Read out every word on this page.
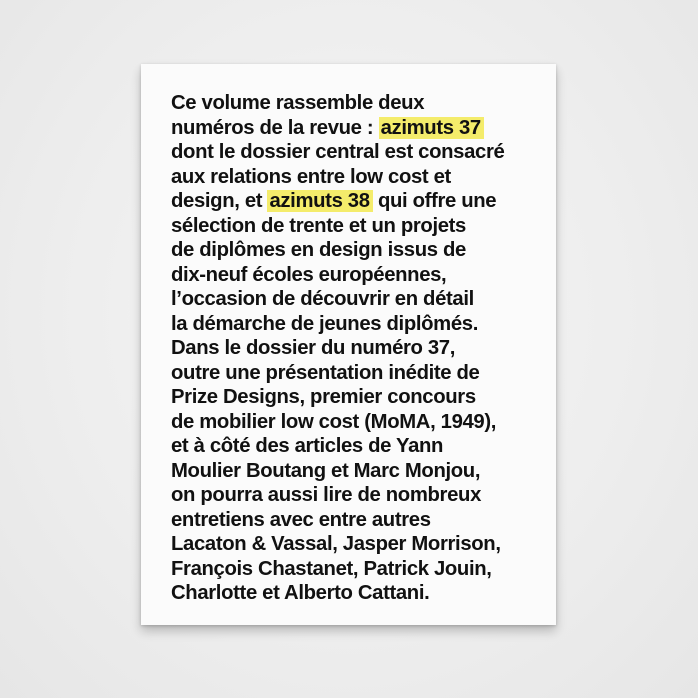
Ce volume rassemble deux
numéros de la revue : azimuts 37
dont le dossier central est consacré
aux relations entre low cost et
design, et azimuts 38 qui offre une
sélection de trente et un projets
de diplômes en design issus de
dix-neuf écoles européennes,
l’occasion de découvrir en détail
la démarche de jeunes diplômés.
Dans le dossier du numéro 37,
outre une présentation inédite de
Prize Designs, premier concours
de mobilier low cost (MoMA, 1949),
et à côté des articles de Yann
Moulier Boutang et Marc Monjou,
on pourra aussi lire de nombreux
entretiens avec entre autres
Lacaton & Vassal, Jasper Morrison,
François Chastanet, Patrick Jouin,
Charlotte et Alberto Cattani.
